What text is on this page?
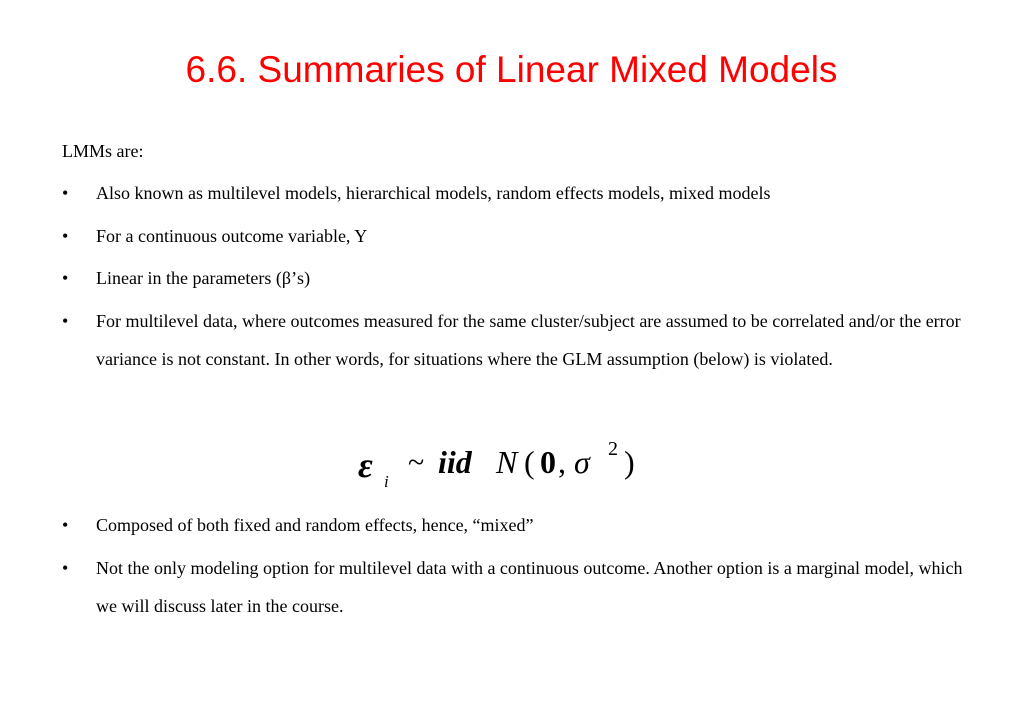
6.6. Summaries of Linear Mixed Models
LMMs are:
•	Also known as multilevel models, hierarchical models, random effects models, mixed models
•	For a continuous outcome variable, Y
•	Linear in the parameters (β’s)
•	For multilevel data, where outcomes measured for the same cluster/subject are assumed to be correlated and/or the error variance is not constant. In other words, for situations where the GLM assumption (below) is violated.
ε i
~ iid N ( 0 , σ 2 )
•	Composed of both fixed and random effects, hence, “mixed”
•	Not the only modeling option for multilevel data with a continuous outcome. Another option is a marginal model, which we will discuss later in the course.
